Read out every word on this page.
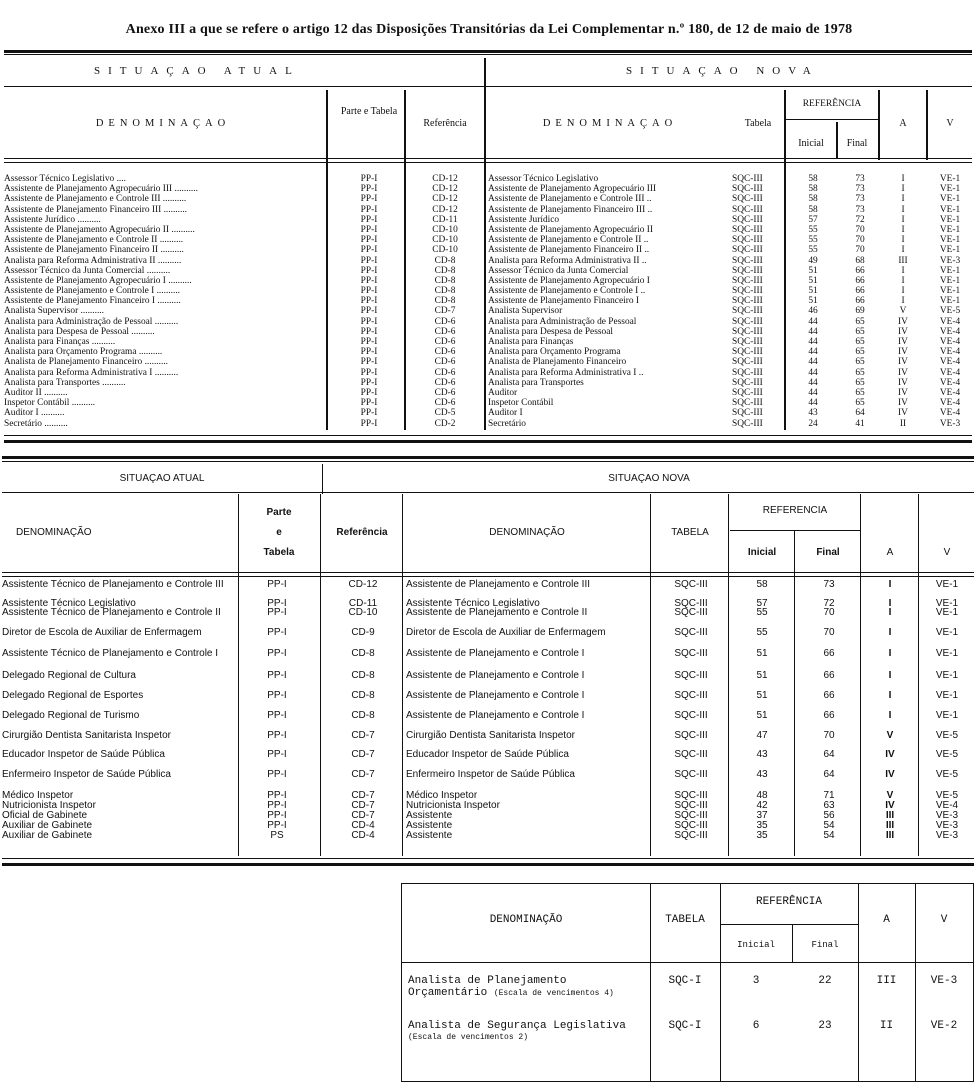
Anexo III a que se refere o artigo 12 das Disposições Transitórias da Lei Complementar n.º 180, de 12 de maio de 1978
SITUAÇAO ATUAL	SITUAÇAO NOVA
DENOMINAÇAO
Parte e Tabela
Referência	DENOMINAÇAO	Tabela
REFERÊNCIA
Inicial	Final
A	V
Assessor Técnico Legislativo ....	PP-I	CD-12	Assessor Técnico Legislativo	SQC-III	58	73	I	VE-1
Assistente de Planejamento Agropecuário III ..........	PP-I	CD-12	Assistente de Planejamento Agropecuário III	SQC-III	58	73	I	VE-1
Assistente de Planejamento e Controle III ..........	PP-I	CD-12	Assistente de Planejamento e Controle III ..	SQC-III	58	73	I	VE-1
Assistente de Planejamento Financeiro III ..........	PP-I	CD-12	Assistente de Planejamento Financeiro III ..	SQC-III	58	73	I	VE-1
Assistente Jurídico ..........	PP-I	CD-11	Assistente Jurídico	SQC-III	57	72	I	VE-1
Assistente de Planejamento Agropecuário II ..........	PP-I	CD-10	Assistente de Planejamento Agropecuário II	SQC-III	55	70	I	VE-1
Assistente de Planejamento e Controle II ..........	PP-I	CD-10	Assistente de Planejamento e Controle II ..	SQC-III	55	70	I	VE-1
Assistente de Planejamento Financeiro II ..........	PP-I	CD-10	Assistente de Planejamento Financeiro II ..	SQC-III	55	70	I	VE-1
Analista para Reforma Administrativa II ..........	PP-I	CD-8	Analista para Reforma Administrativa II ..	SQC-III	49	68	III	VE-3
Assessor Técnico da Junta Comercial ..........	PP-I	CD-8	Assessor Técnico da Junta Comercial	SQC-III	51	66	I	VE-1
Assistente de Planejamento Agropecuário I ..........	PP-I	CD-8	Assistente de Planejamento Agropecuário I	SQC-III	51	66	I	VE-1
Assistente de Planejamento e Controle I ..........	PP-I	CD-8	Assistente de Planejamento e Controle I ..	SQC-III	51	66	I	VE-1
Assistente de Planejamento Financeiro I ..........	PP-I	CD-8	Assistente de Planejamento Financeiro I	SQC-III	51	66	I	VE-1
Analista Supervisor ..........	PP-I	CD-7	Analista Supervisor	SQC-III	46	69	V	VE-5
Analista para Administração de Pessoal ..........	PP-I	CD-6	Analista para Administração de Pessoal	SQC-III	44	65	IV	VE-4
Analista para Despesa de Pessoal ..........	PP-I	CD-6	Analista para Despesa de Pessoal	SQC-III	44	65	IV	VE-4
Analista para Finanças ..........	PP-I	CD-6	Analista para Finanças	SQC-III	44	65	IV	VE-4
Analista para Orçamento Programa ..........	PP-I	CD-6	Analista para Orçamento Programa	SQC-III	44	65	IV	VE-4
Analista de Planejamento Financeiro ..........	PP-I	CD-6	Analista de Planejamento Financeiro	SQC-III	44	65	IV	VE-4
Analista para Reforma Administrativa I ..........	PP-I	CD-6	Analista para Reforma Administrativa I ..	SQC-III	44	65	IV	VE-4
Analista para Transportes ..........	PP-I	CD-6	Analista para Transportes	SQC-III	44	65	IV	VE-4
Auditor II ..........	PP-I	CD-6	Auditor	SQC-III	44	65	IV	VE-4
Inspetor Contábil ..........	PP-I	CD-6	Inspetor Contábil	SQC-III	44	65	IV	VE-4
Auditor I ..........	PP-I	CD-5	Auditor I	SQC-III	43	64	IV	VE-4
Secretário ..........	PP-I	CD-2	Secretário	SQC-III	24	41	II	VE-3
SITUAÇAO ATUAL	SITUAÇAO NOVA
DENOMINAÇÃO
Parte
e
Tabela
Referência	DENOMINAÇÃO	TABELA
REFERENCIA
Inicial	Final	A	V
Assistente Técnico de Planejamento e Controle III	PP-I	CD-12	Assistente de Planejamento e Controle III	SQC-III	58	73	I	VE-1
Assistente Técnico Legislativo	PP-I	CD-11	Assistente Técnico Legislativo	SQC-III	57	72	I	VE-1
Assistente Técnico de Planejamento e Controle II	PP-I	CD-10	Assistente de Planejamento e Controle II	SQC-III	55	70	I	VE-1
Diretor de Escola de Auxiliar de Enfermagem	PP-I	CD-9	Diretor de Escola de Auxiliar de Enfermagem	SQC-III	55	70	I	VE-1
Assistente Técnico de Planejamento e Controle I	PP-I	CD-8	Assistente de Planejamento e Controle I	SQC-III	51	66	I	VE-1
Delegado Regional de Cultura	PP-I	CD-8	Assistente de Planejamento e Controle I	SQC-III	51	66	I	VE-1
Delegado Regional de Esportes	PP-I	CD-8	Assistente de Planejamento e Controle I	SQC-III	51	66	I	VE-1
Delegado Regional de Turismo	PP-I	CD-8	Assistente de Planejamento e Controle I	SQC-III	51	66	I	VE-1
Cirurgião Dentista Sanitarista Inspetor	PP-I	CD-7	Cirurgião Dentista Sanitarista Inspetor	SQC-III	47	70	V	VE-5
Educador Inspetor de Saúde Pública	PP-I	CD-7	Educador Inspetor de Saúde Pública	SQC-III	43	64	IV	VE-5
Enfermeiro Inspetor de Saúde Pública	PP-I	CD-7	Enfermeiro Inspetor de Saúde Pública	SQC-III	43	64	IV	VE-5
Médico Inspetor	PP-I	CD-7	Médico Inspetor	SQC-III	48	71	V	VE-5
Nutricionista Inspetor	PP-I	CD-7	Nutricionista Inspetor	SQC-III	42	63	IV	VE-4
Oficial de Gabinete	PP-I	CD-7	Assistente	SQC-III	37	56	III	VE-3
Auxiliar de Gabinete	PP-I	CD-4	Assistente	SQC-III	35	54	III	VE-3
Auxiliar de Gabinete	PS	CD-4	Assistente	SQC-III	35	54	III	VE-3
DENOMINAÇÃO	TABELA
REFERÊNCIA
Inicial	Final
A	V
Analista de Planejamento
Orçamentário (Escala de vencimentos 4)
SQC-I	3	22	III	VE-3
Analista de Segurança Legislativa
(Escala de vencimentos 2)
SQC-I	6	23	II	VE-2
